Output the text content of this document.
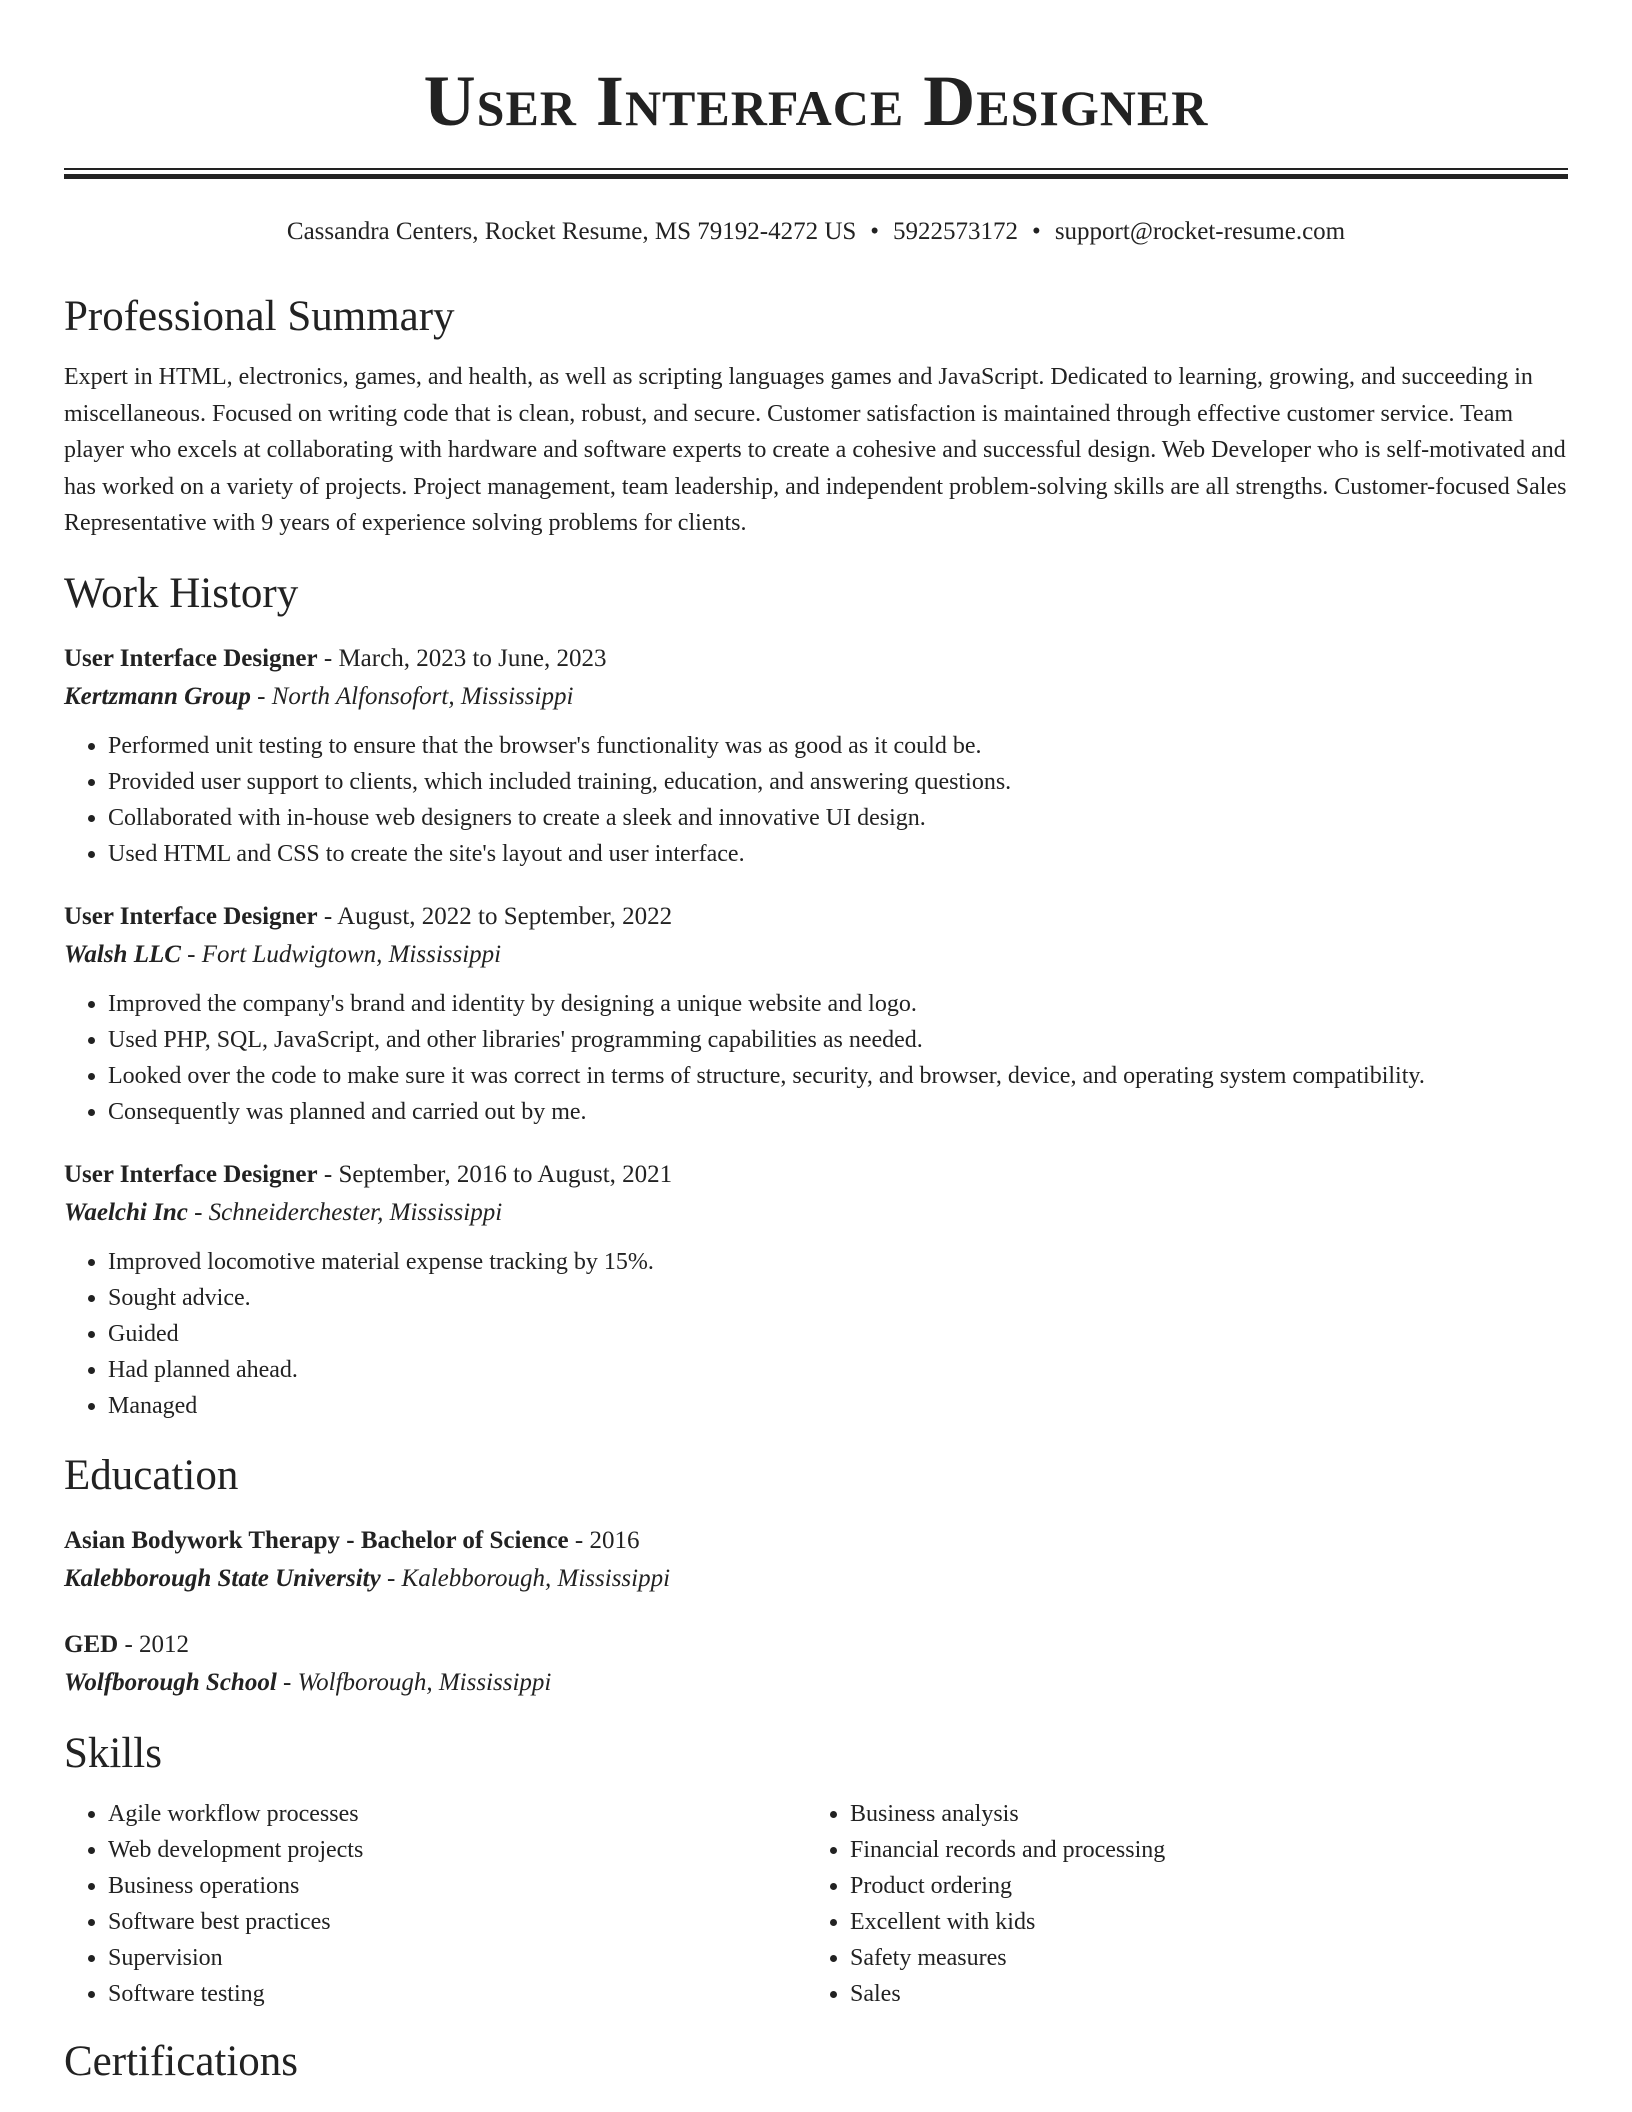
User Interface Designer
Cassandra Centers, Rocket Resume, MS 79192-4272 US • 5922573172 • support@rocket-resume.com
Professional Summary
Expert in HTML, electronics, games, and health, as well as scripting languages games and JavaScript. Dedicated to learning, growing, and succeeding in miscellaneous. Focused on writing code that is clean, robust, and secure. Customer satisfaction is maintained through effective customer service. Team player who excels at collaborating with hardware and software experts to create a cohesive and successful design. Web Developer who is self-motivated and has worked on a variety of projects. Project management, team leadership, and independent problem-solving skills are all strengths. Customer-focused Sales Representative with 9 years of experience solving problems for clients.
Work History
User Interface Designer - March, 2023 to June, 2023
Kertzmann Group - North Alfonsofort, Mississippi
• Performed unit testing to ensure that the browser's functionality was as good as it could be.
• Provided user support to clients, which included training, education, and answering questions.
• Collaborated with in-house web designers to create a sleek and innovative UI design.
• Used HTML and CSS to create the site's layout and user interface.
User Interface Designer - August, 2022 to September, 2022
Walsh LLC - Fort Ludwigtown, Mississippi
• Improved the company's brand and identity by designing a unique website and logo.
• Used PHP, SQL, JavaScript, and other libraries' programming capabilities as needed.
• Looked over the code to make sure it was correct in terms of structure, security, and browser, device, and operating system compatibility.
• Consequently was planned and carried out by me.
User Interface Designer - September, 2016 to August, 2021
Waelchi Inc - Schneiderchester, Mississippi
• Improved locomotive material expense tracking by 15%.
• Sought advice.
• Guided
• Had planned ahead.
• Managed
Education
Asian Bodywork Therapy - Bachelor of Science - 2016
Kalebborough State University - Kalebborough, Mississippi
GED - 2012
Wolfborough School - Wolfborough, Mississippi
Skills
• Agile workflow processes
• Web development projects
• Business operations
• Software best practices
• Supervision
• Software testing
• Business analysis
• Financial records and processing
• Product ordering
• Excellent with kids
• Safety measures
• Sales
Certifications
